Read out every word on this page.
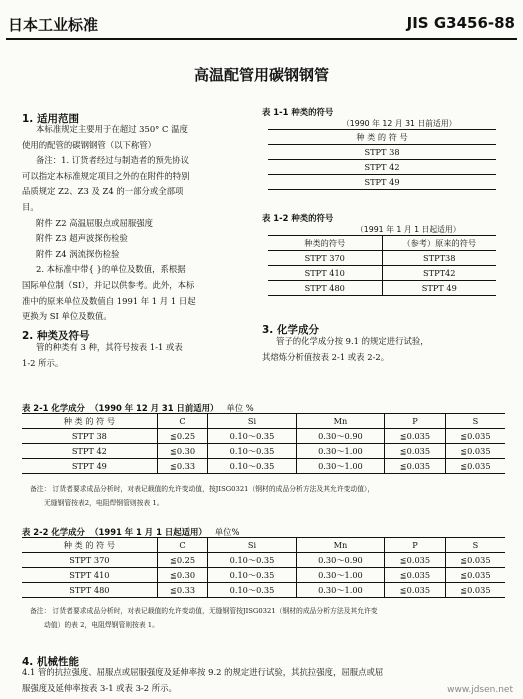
日本工业标准	JIS G3456-88
高温配管用碳钢钢管
1. 适用范围
本标准规定主要用于在超过 350° C 温度
使用的配管的碳钢钢管（以下称管）
备注：1. 订货者经过与制造者的预先协议
可以指定本标准规定项目之外的在附件的特别
品质规定 Z2、Z3 及 Z4 的一部分或全部项
目。
附件 Z2 高温屈服点或屈服强度
附件 Z3 超声波探伤检验
附件 Z4 涡流探伤检验
2. 本标准中带{ }的单位及数值，系根据
国际单位制（SI），并记以供参考。此外，本标
准中的原来单位及数值自 1991 年 1 月 1 日起
更换为 SI 单位及数值。
2. 种类及符号
管的种类有 3 种，其符号按表 1-1 或表
1-2 所示。
表 1-1 种类的符号
（1990 年 12 月 31 日前适用）
种 类 的 符 号
STPT 38
STPT 42
STPT 49
表 1-2 种类的符号
（1991 年 1 月 1 日起适用）
种类的符号	（参考）原来的符号
STPT 370	STPT38
STPT 410	STPT42
STPT 480	STPT 49
3. 化学成分
管子的化学成分按 9.1 的规定进行试验，
其熔炼分析值按表 2-1 或表 2-2。
表 2-1 化学成分 （1990 年 12 月 31 日前适用） 单位 %
种 类 的 符 号	C	Si	Mn	P	S
STPT 38	≦0.25	0.10～0.35	0.30～0.90	≦0.035	≦0.035
STPT 42	≦0.30	0.10～0.35	0.30～1.00	≦0.035	≦0.035
STPT 49	≦0.33	0.10～0.35	0.30～1.00	≦0.035	≦0.035
备注： 订货者要求成品分析时，对表记载值的允许变动值，按JISG0321（钢材的成品分析方法及其允许变动值），
无缝钢管按表2，电阻焊钢管则按表 1。
表 2-2 化学成分 （1991 年 1 月 1 日起适用） 单位%
种 类 的 符 号	C	Si	Mn	P	S
STPT 370	≦0.25	0.10～0.35	0.30～0.90	≦0.035	≦0.035
STPT 410	≦0.30	0.10～0.35	0.30～1.00	≦0.035	≦0.035
STPT 480	≦0.33	0.10～0.35	0.30～1.00	≦0.035	≦0.035
备注： 订货者要求成品分析时，对表记载值的允许变动值，无缝钢管按JISG0321（钢材的成品分析方法及其允许变
动值）的表 2，电阻焊钢管则按表 1。
4. 机械性能
4.1 管的抗拉强度、屈服点或屈服强度及延伸率按 9.2 的规定进行试验，其抗拉强度，屈服点或屈
服强度及延伸率按表 3-1 或表 3-2 所示。	www.jdsen.net
